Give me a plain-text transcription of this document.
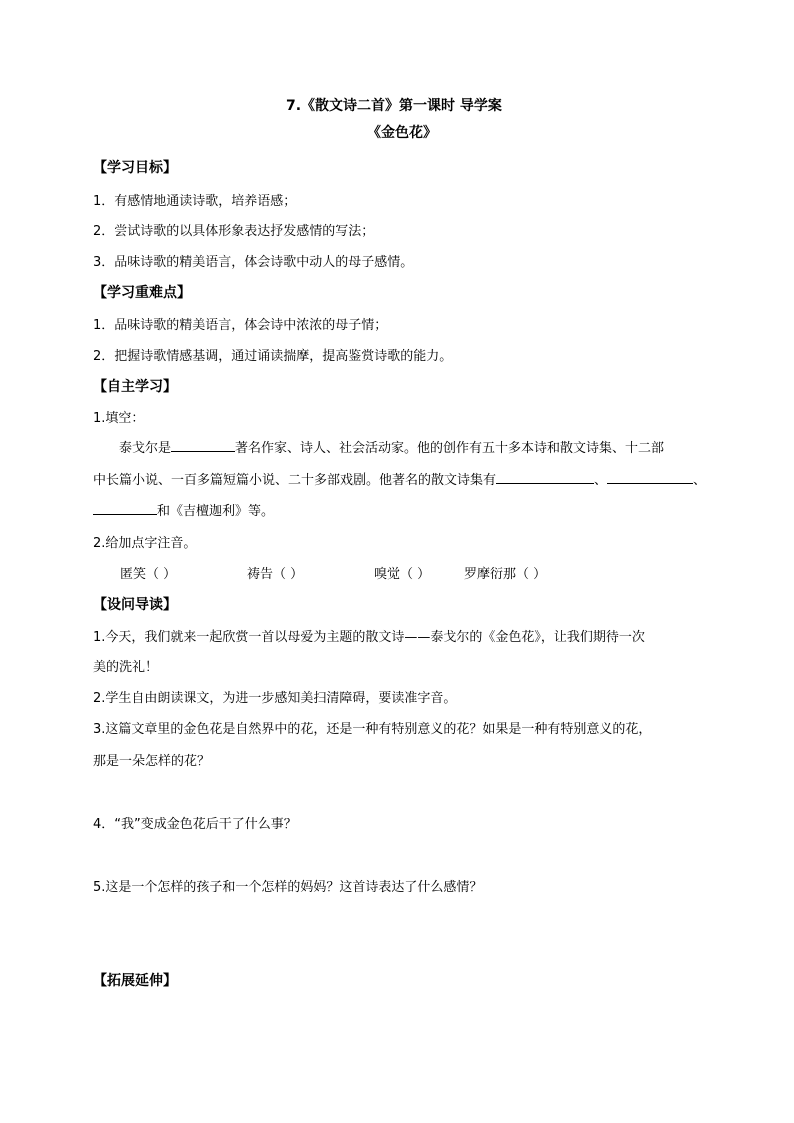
7.《散文诗二首》第一课时 导学案
《金色花》
【学习目标】
1．有感情地通读诗歌，培养语感；
2．尝试诗歌的以具体形象表达抒发感情的写法；
3．品味诗歌的精美语言，体会诗歌中动人的母子感情。
【学习重难点】
1．品味诗歌的精美语言，体会诗中浓浓的母子情；
2．把握诗歌情感基调，通过诵读揣摩，提高鉴赏诗歌的能力。
【自主学习】
1.填空：
泰戈尔是	著名作家、诗人、社会活动家。他的创作有五十多本诗和散文诗集、十二部
中长篇小说、一百多篇短篇小说、二十多部戏剧。他著名的散文诗集有	、	、
和《吉檀迦利》等。
2.给加点字注音。
匿笑（ ）	祷告（ ）	嗅觉（ ）	罗摩衍那（ ）
【设问导读】
1.今天，我们就来一起欣赏一首以母爱为主题的散文诗——泰戈尔的《金色花》，让我们期待一次
美的洗礼！
2.学生自由朗读课文，为进一步感知美扫清障碍，要读准字音。
3.这篇文章里的金色花是自然界中的花，还是一种有特别意义的花？如果是一种有特别意义的花，
那是一朵怎样的花？
4．“我”变成金色花后干了什么事？
5.这是一个怎样的孩子和一个怎样的妈妈？这首诗表达了什么感情？
【拓展延伸】
